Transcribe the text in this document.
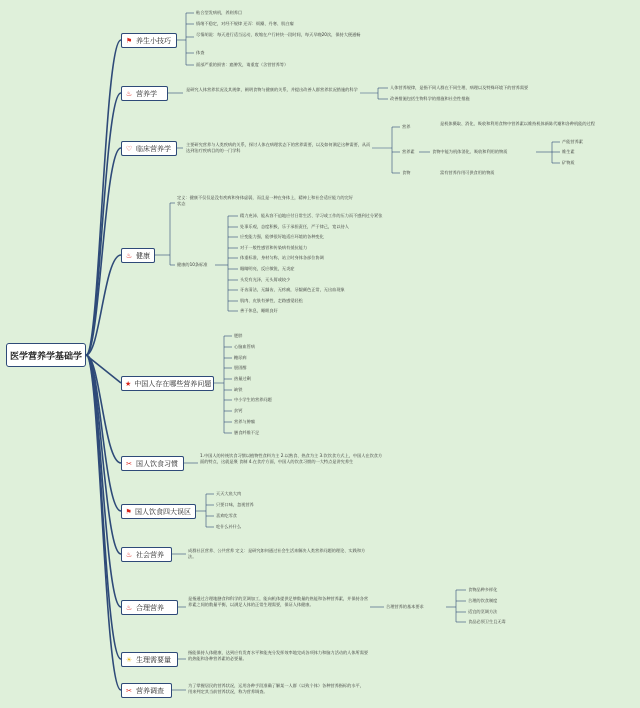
医学营养学基础学
⚑ 养生小技巧
粘合型发病机，养则养目
情绪不稳定，对经不规律 还弄：烦躁、丹寒、肌白瘤
尽情胡说：每天进行适当运动，收缩在户行转快一段时间，每天早晚20次，保持大便通畅
体查
面部严重的损害：癌肿发，请重度（含营营养等）
♨ 营养学	是研究人体营养状况及其规律，阐明食物与健康的关系，并提出改善人群营养状况措施的科学	人体营养规律，是指不同人群在不同生理、病理以及特殊环境下的营养需要
改善措施包括生物科学的措施和社会性措施
♡ 临床营养学	主要研究营养与人类疾病的关系，探讨人体在病理状态下的营养需要，以及如何满足这种需要，从而达到治疗疾病目的的一门学科
营养
是机体摄取、消化、吸收和利用食物中营养素以维持机体新陈代谢和各种机能的过程
营养素	食物中能为机体消化、吸收和利用的物质
产能营养素
维生素
矿物质
食物	富有营养作用可供食用的物质
♨ 健康
定义：健康不仅仅是没有疾病和身体虚弱，而且是一种在身体上，精神上和社会适应能力的完好状态
健康的10条标准
精力充沛、能从容不迫地应付日常生活、学习或工作的压力而不感到过分紧张
处事乐观，态度积极，乐于承担责任，严于律己，宽以待人
应变能力强，能够很好地适应环境的各种变化
对于一般性感冒和传染病有抵抗能力
体重标准，身材匀称，站立时身体各部位协调
眼睛明亮，反应敏锐，无炎症
头发有光泽，无头屑或较少
牙齿清洁，无龋齿，无疼痛，牙龈颜色正常，无出血现象
肌肉、皮肤有弹性，走路感觉轻松
善于休息，睡眠良好
★ 中国人存在哪些营养问题
肥胖
心脑血管病
糖尿病
胆固醇
热量过剩
缺铁
中小学生的营养问题
贫钙
营养与肿瘤
膳食纤维不足
✂ 国人饮食习惯
1.中国人的传统饮食习惯以植物性食料为主 2.以熟食、热食为主 3.饮饮食方式上，中国人在饮食方面的特点，这就是聚 食制 4.在食疗方面，中国人的饮食习惯的一大特点是讲究养生
⚑ 国人饮食四大误区
天天大鱼大肉
只要口味，忽视营养
喜欢吃零食
吃什么补什么
♨ 社会营养	成群社区营养、公共营养 定义：是研究如何通过社会生活来解决人类营养问题的理论、实践和方法。
♨ 合理营养
是指通过合理地膳食和科学的烹调加工，能向机体提供足够数量的热能和各种营养素，并保持各营养素之间的数量平衡，以满足人体的正常生理需要，保证人体健康。	合理营养的基本要求
食物品种多样化
合理的饮食制度
适宜的烹调方法
食品必须卫生且无毒
☀ 生理需要量
指能保持人体健康、达到应有发育水平和能充分发挥效率地完成各项体力和脑力活动的人体所需要的热能和各种营养素的必要量。
✂ 营养调查
为了掌握居民的营养状况，运用各种手段准确了解某一人群（以致个体）各种营养指标的水平，用来判定其当前营养状况，称为营养调查。
